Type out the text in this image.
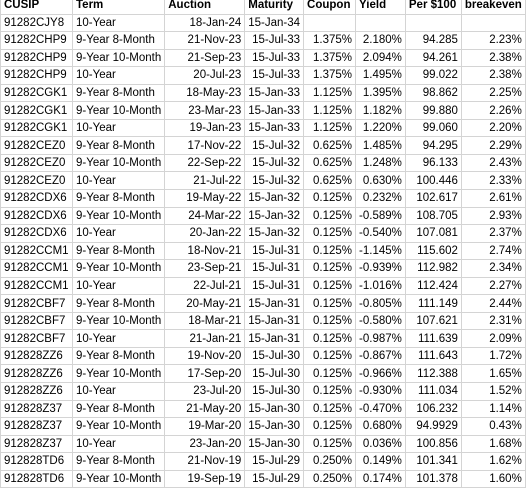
CUSIP	Term	Auction	Maturity	Coupon	Yield	Per $100	breakeven
91282CJY8	10-Year	18-Jan-24	15-Jan-34				
91282CHP9	9-Year 8-Month	21-Nov-23	15-Jul-33	1.375%	2.180%	94.285	2.23%
91282CHP9	9-Year 10-Month	21-Sep-23	15-Jul-33	1.375%	2.094%	94.261	2.38%
91282CHP9	10-Year	20-Jul-23	15-Jul-33	1.375%	1.495%	99.022	2.38%
91282CGK1	9-Year 8-Month	18-May-23	15-Jan-33	1.125%	1.395%	98.862	2.25%
91282CGK1	9-Year 10-Month	23-Mar-23	15-Jan-33	1.125%	1.182%	99.880	2.26%
91282CGK1	10-Year	19-Jan-23	15-Jan-33	1.125%	1.220%	99.060	2.20%
91282CEZ0	9-Year 8-Month	17-Nov-22	15-Jul-32	0.625%	1.485%	94.295	2.29%
91282CEZ0	9-Year 10-Month	22-Sep-22	15-Jul-32	0.625%	1.248%	96.133	2.43%
91282CEZ0	10-Year	21-Jul-22	15-Jul-32	0.625%	0.630%	100.446	2.33%
91282CDX6	9-Year 8-Month	19-May-22	15-Jan-32	0.125%	0.232%	102.617	2.61%
91282CDX6	9-Year 10-Month	24-Mar-22	15-Jan-32	0.125%	-0.589%	108.705	2.93%
91282CDX6	10-Year	20-Jan-22	15-Jan-32	0.125%	-0.540%	107.081	2.37%
91282CCM1	9-Year 8-Month	18-Nov-21	15-Jul-31	0.125%	-1.145%	115.602	2.74%
91282CCM1	9-Year 10-Month	23-Sep-21	15-Jul-31	0.125%	-0.939%	112.982	2.34%
91282CCM1	10-Year	22-Jul-21	15-Jul-31	0.125%	-1.016%	112.424	2.27%
91282CBF7	9-Year 8-Month	20-May-21	15-Jan-31	0.125%	-0.805%	111.149	2.44%
91282CBF7	9-Year 10-Month	18-Mar-21	15-Jan-31	0.125%	-0.580%	107.621	2.31%
91282CBF7	10-Year	21-Jan-21	15-Jan-31	0.125%	-0.987%	111.639	2.09%
912828ZZ6	9-Year 8-Month	19-Nov-20	15-Jul-30	0.125%	-0.867%	111.643	1.72%
912828ZZ6	9-Year 10-Month	17-Sep-20	15-Jul-30	0.125%	-0.966%	112.388	1.65%
912828ZZ6	10-Year	23-Jul-20	15-Jul-30	0.125%	-0.930%	111.034	1.52%
912828Z37	9-Year 8-Month	21-May-20	15-Jan-30	0.125%	-0.470%	106.232	1.14%
912828Z37	9-Year 10-Month	19-Mar-20	15-Jan-30	0.125%	0.680%	94.9929	0.43%
912828Z37	10-Year	23-Jan-20	15-Jan-30	0.125%	0.036%	100.856	1.68%
912828TD6	9-Year 8-Month	21-Nov-19	15-Jul-29	0.250%	0.149%	101.341	1.62%
912828TD6	9-Year 10-Month	19-Sep-19	15-Jul-29	0.250%	0.174%	101.378	1.60%
